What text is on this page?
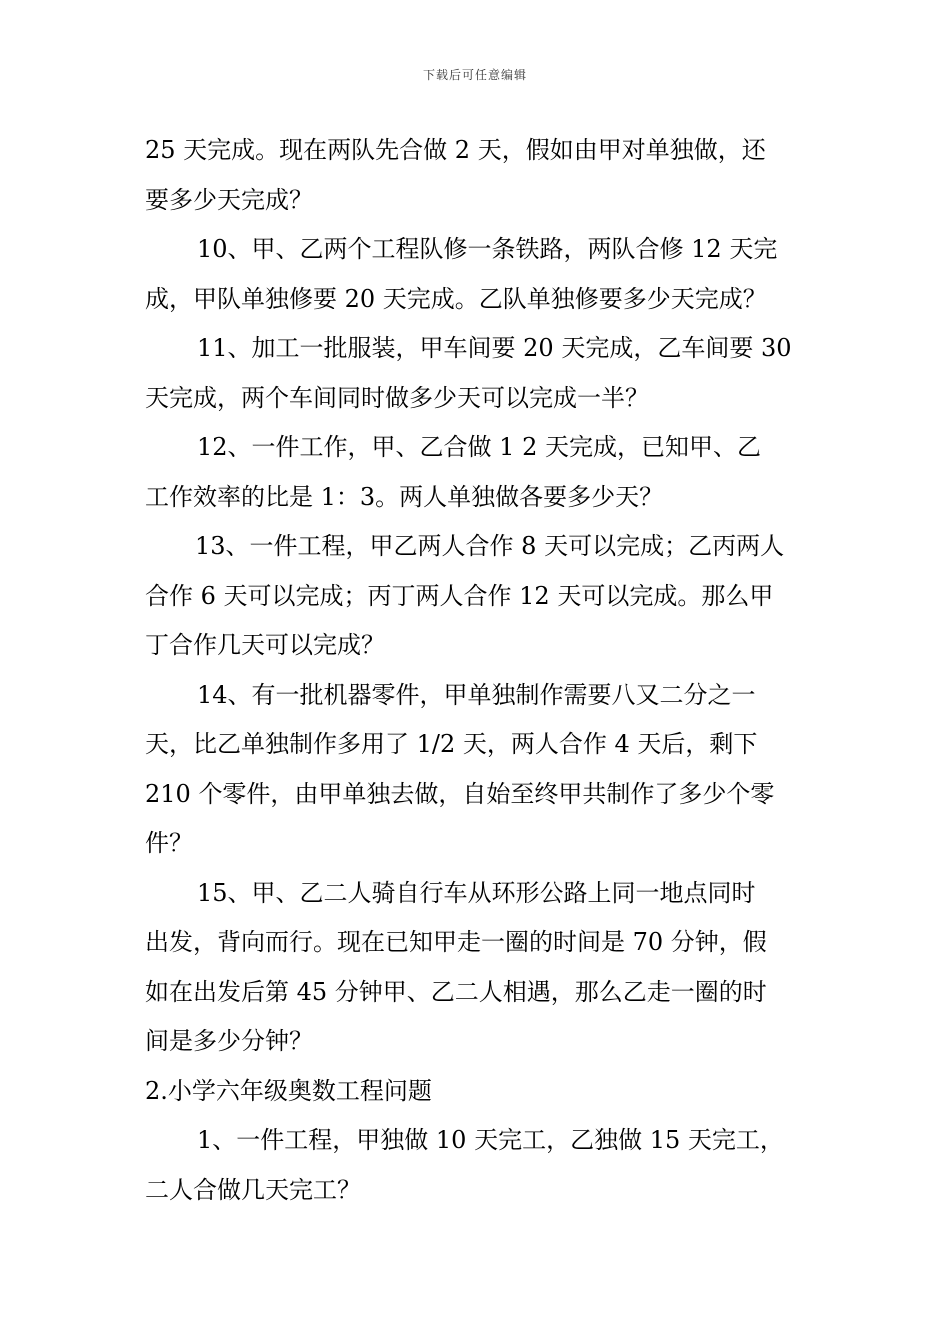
下载后可任意编辑

25 天完成。现在两队先合做 2 天，假如由甲对单独做，还

要多少天完成？

10、甲、乙两个工程队修一条铁路，两队合修 12 天完

成，甲队单独修要 20 天完成。乙队单独修要多少天完成？

11、加工一批服装，甲车间要 20 天完成，乙车间要 30

天完成，两个车间同时做多少天可以完成一半？

12、一件工作，甲、乙合做 1 2 天完成，已知甲、乙

工作效率的比是 1：3。两人单独做各要多少天？

13、一件工程，甲乙两人合作 8 天可以完成；乙丙两人

合作 6 天可以完成；丙丁两人合作 12 天可以完成。那么甲

丁合作几天可以完成？

14、有一批机器零件，甲单独制作需要八又二分之一

天，比乙单独制作多用了 1/2 天，两人合作 4 天后，剩下

210 个零件，由甲单独去做，自始至终甲共制作了多少个零

件？

15、甲、乙二人骑自行车从环形公路上同一地点同时

出发，背向而行。现在已知甲走一圈的时间是 70 分钟，假

如在出发后第 45 分钟甲、乙二人相遇，那么乙走一圈的时

间是多少分钟？

2.小学六年级奥数工程问题

1、一件工程，甲独做 10 天完工，乙独做 15 天完工，

二人合做几天完工？
